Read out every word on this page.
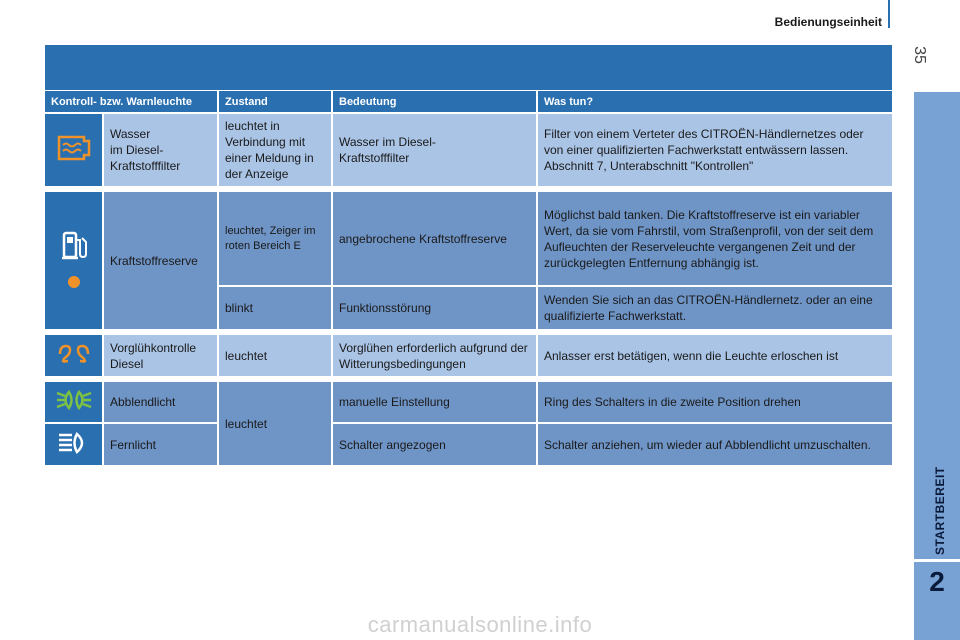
Bedienungseinheit
35
STARTBEREIT
2
Kontroll- bzw. Warnleuchte		Zustand	Bedeutung	Was tun?
	Wasser
im Diesel-
Kraftstofffilter	leuchtet in Verbindung mit einer Meldung in der Anzeige	Wasser im Diesel-
Kraftstofffilter	Filter von einem Verteter des CITROËN-Händlernetzes oder von einer qualifizierten Fachwerkstatt entwässern lassen. Abschnitt 7, Unterabschnitt "Kontrollen"

	Kraftstoffreserve	leuchtet, Zeiger im roten Bereich E	angebrochene Kraftstoffreserve	Möglichst bald tanken. Die Kraftstoffreserve ist ein variabler Wert, da sie vom Fahrstil, vom Straßenprofil, von der seit dem Aufleuchten der Reserveleuchte vergangenen Zeit und der zurückgelegten Entfernung abhängig ist.
		blinkt	Funktionsstörung	Wenden Sie sich an das CITROËN-Händlernetz. oder an eine qualifizierte Fachwerkstatt.

	Vorglühkontrolle
Diesel	leuchtet	Vorglühen erforderlich aufgrund der Witterungsbedingungen	Anlasser erst betätigen, wenn die Leuchte erloschen ist

	Abblendlicht	leuchtet	manuelle Einstellung	Ring des Schalters in die zweite Position drehen
	Fernlicht		Schalter angezogen	Schalter anziehen, um wieder auf Abblendlicht umzuschalten.
carmanualsonline.info
